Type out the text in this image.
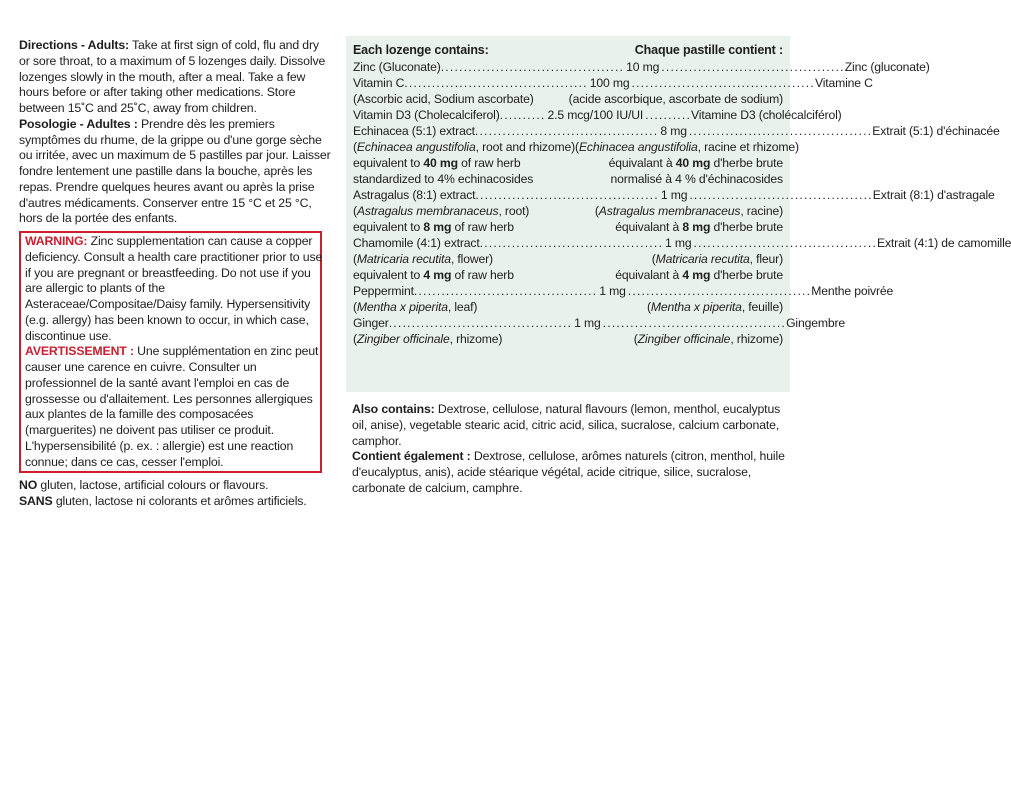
Directions - Adults: Take at first sign of cold, flu and dry or sore throat, to a maximum of 5 lozenges daily. Dissolve lozenges slowly in the mouth, after a meal. Take a few hours before or after taking other medications. Store between 15˚C and 25˚C, away from children.

Posologie - Adultes : Prendre dès les premiers symptômes du rhume, de la grippe ou d'une gorge sèche ou irritée, avec un maximum de 5 pastilles par jour. Laisser fondre lentement une pastille dans la bouche, après les repas. Prendre quelques heures avant ou après la prise d'autres médicaments. Conserver entre 15 °C et 25 °C, hors de la portée des enfants.

WARNING: Zinc supplementation can cause a copper deficiency. Consult a health care practitioner prior to use if you are pregnant or breastfeeding. Do not use if you are allergic to plants of the Asteraceae/Compositae/Daisy family. Hypersensitivity (e.g. allergy) has been known to occur, in which case, discontinue use.

AVERTISSEMENT : Une supplémentation en zinc peut causer une carence en cuivre. Consulter un professionnel de la santé avant l'emploi en cas de grossesse ou d'allaitement. Les personnes allergiques aux plantes de la famille des composacées (marguerites) ne doivent pas utiliser ce produit. L'hypersensibilité (p. ex. : allergie) est une reaction connue; dans ce cas, cesser l'emploi.

NO gluten, lactose, artificial colours or flavours.

SANS gluten, lactose ni colorants et arômes artificiels.

Each lozenge contains:	Chaque pastille contient :
Zinc (Gluconate) ........................................ 10 mg ........................................ Zinc (gluconate)
Vitamin C ........................................ 100 mg ........................................ Vitamine C
(Ascorbic acid, Sodium ascorbate)	(acide ascorbique, ascorbate de sodium)
Vitamin D3 (Cholecalciferol) .......... 2.5 mcg/100 IU/UI .......... Vitamine D3 (cholécalciférol)
Echinacea (5:1) extract ........................................ 8 mg ........................................ Extrait (5:1) d'échinacée
(Echinacea angustifolia, root and rhizome) (Echinacea angustifolia, racine et rhizome)
equivalent to 40 mg of raw herb	équivalant à 40 mg d'herbe brute
standardized to 4% echinacosides	normalisé à 4 % d'échinacosides
Astragalus (8:1) extract ........................................ 1 mg ........................................ Extrait (8:1) d'astragale
(Astragalus membranaceus, root)	(Astragalus membranaceus, racine)
equivalent to 8 mg of raw herb	équivalant à 8 mg d'herbe brute
Chamomile (4:1) extract ........................................ 1 mg ........................................ Extrait (4:1) de camomille
(Matricaria recutita, flower)	(Matricaria recutita, fleur)
equivalent to 4 mg of raw herb	équivalant à 4 mg d'herbe brute
Peppermint ........................................ 1 mg ........................................ Menthe poivrée
(Mentha x piperita, leaf)	(Mentha x piperita, feuille)
Ginger ........................................ 1 mg ........................................ Gingembre
(Zingiber officinale, rhizome)	(Zingiber officinale, rhizome)

Also contains: Dextrose, cellulose, natural flavours (lemon, menthol, eucalyptus oil, anise), vegetable stearic acid, citric acid, silica, sucralose, calcium carbonate, camphor.

Contient également : Dextrose, cellulose, arômes naturels (citron, menthol, huile d'eucalyptus, anis), acide stéarique végétal, acide citrique, silice, sucralose, carbonate de calcium, camphre.
